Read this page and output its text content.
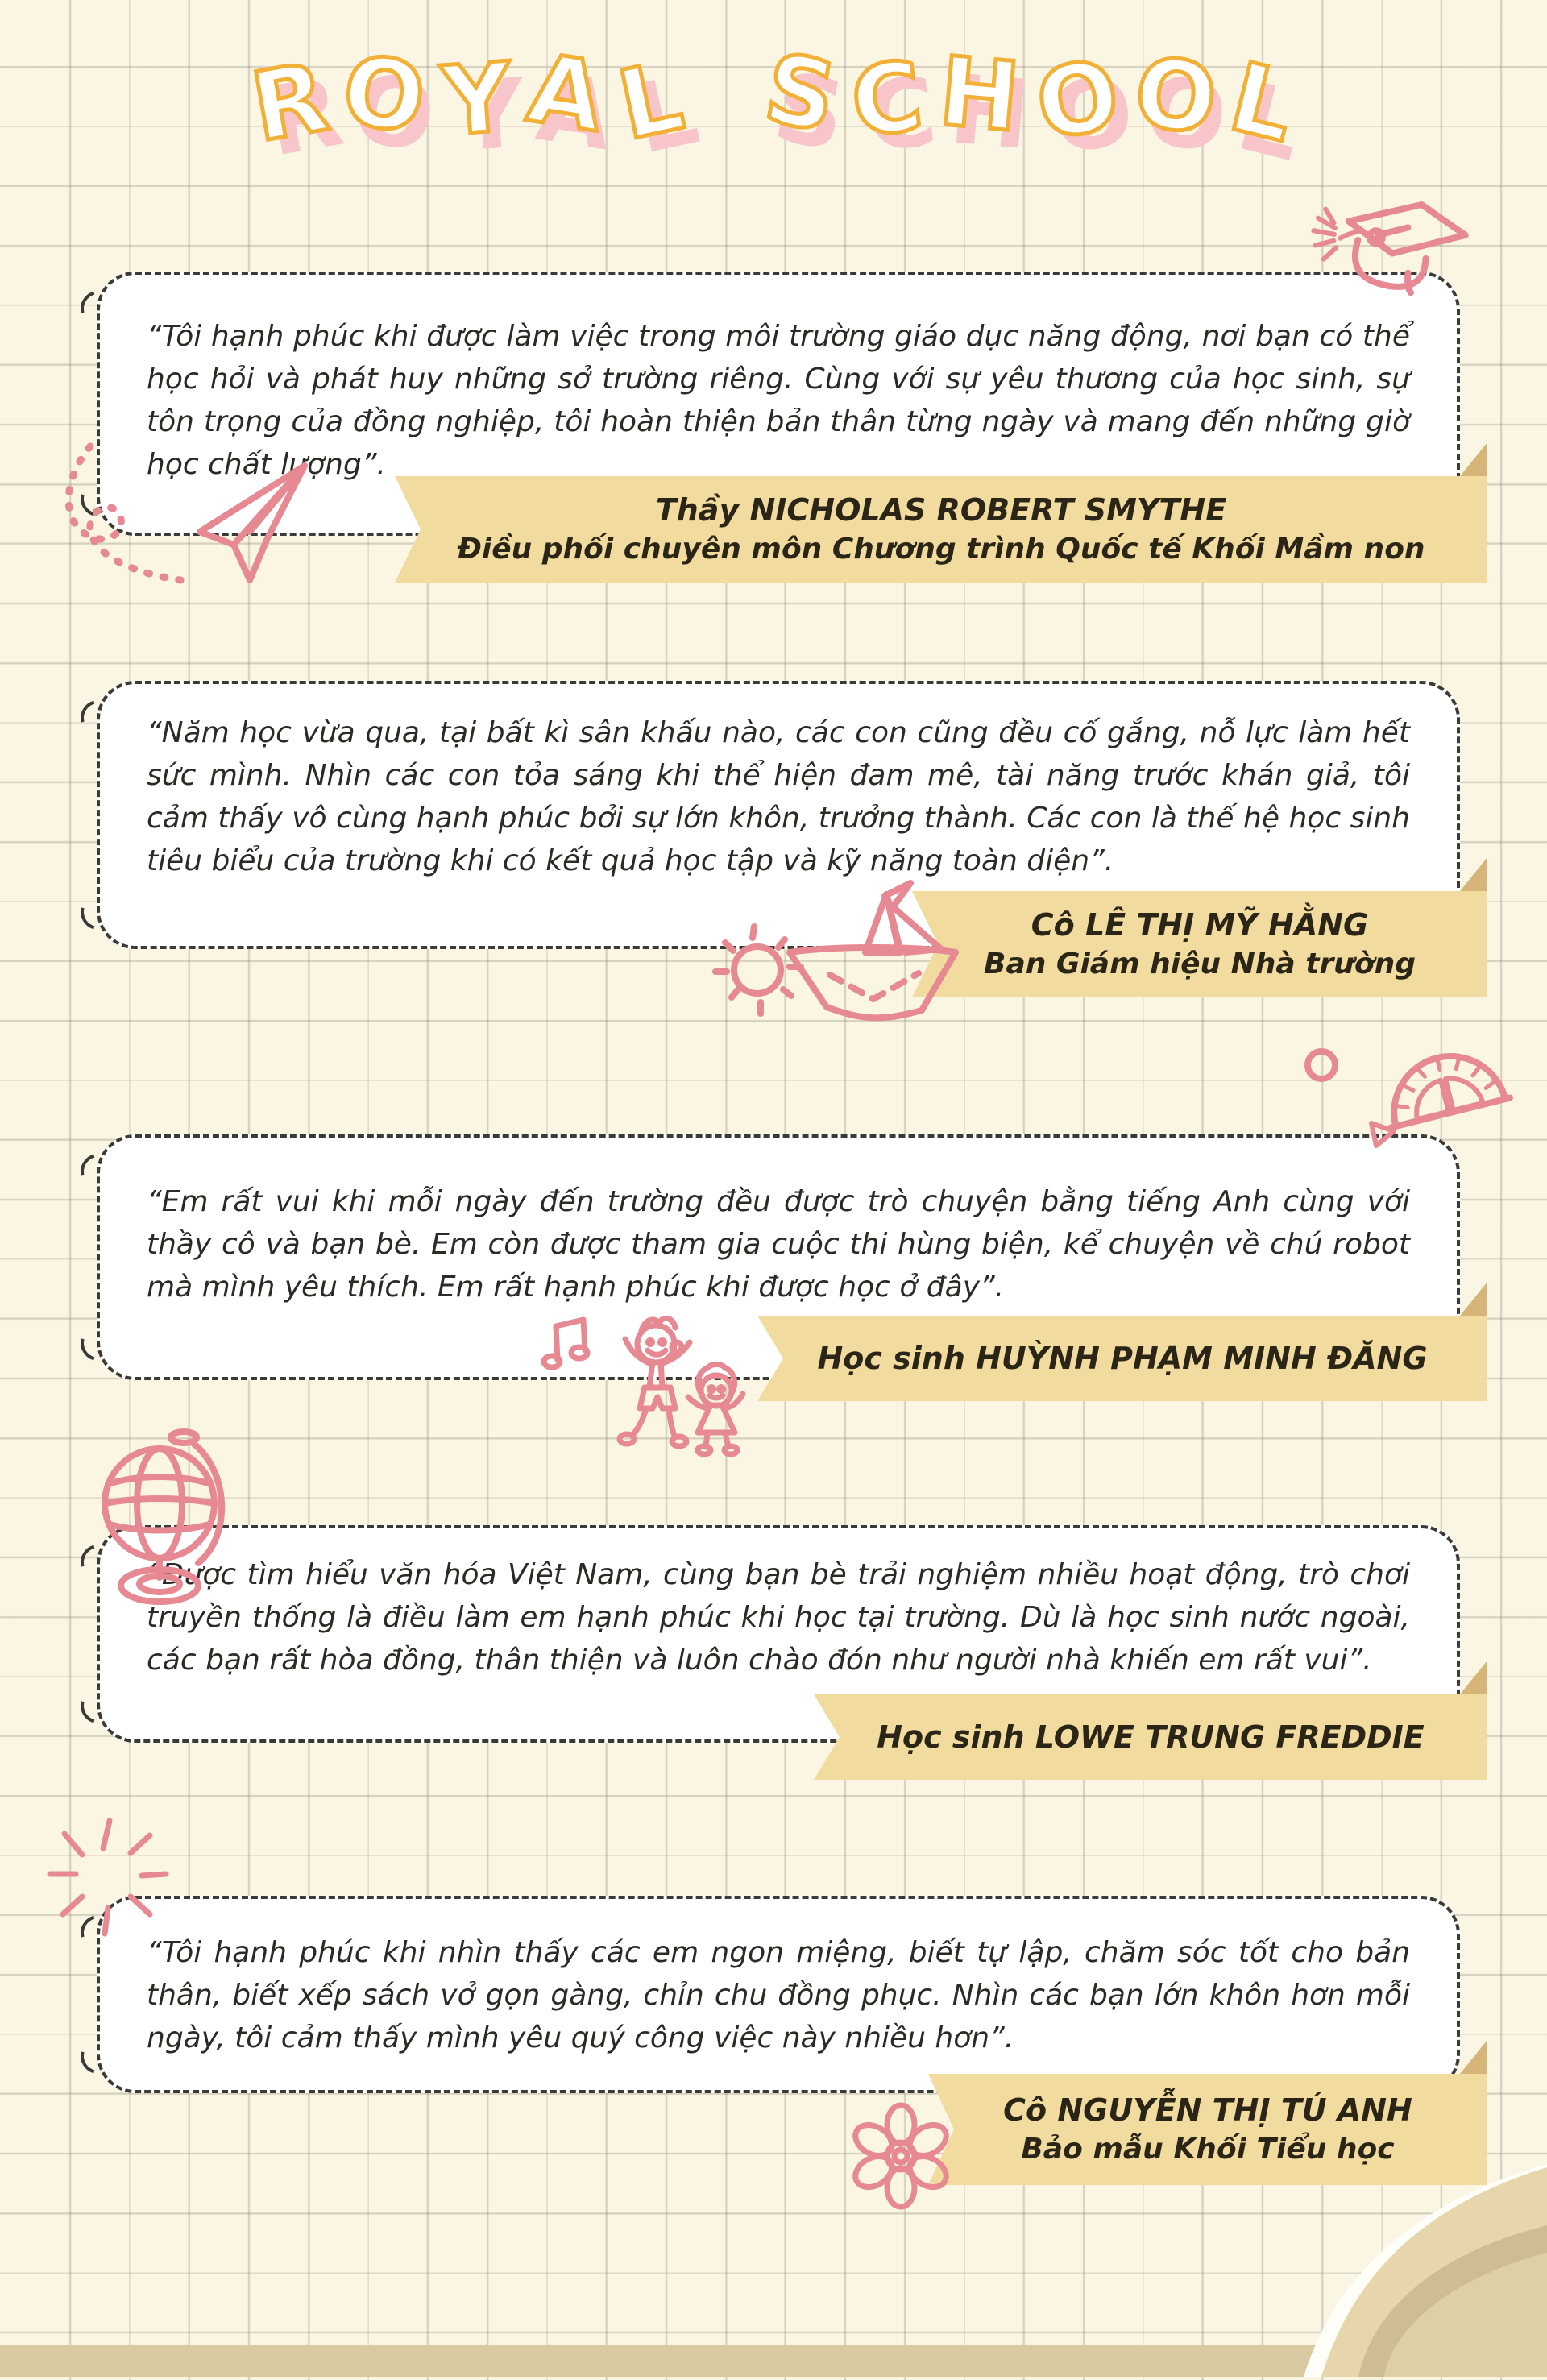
ROYAL SCHOOL
“Tôi hạnh phúc khi được làm việc trong môi trường giáo dục năng động, nơi bạn có thể học hỏi và phát huy những sở trường riêng. Cùng với sự yêu thương của học sinh, sự tôn trọng của đồng nghiệp, tôi hoàn thiện bản thân từng ngày và mang đến những giờ học chất lượng”.
Thầy NICHOLAS ROBERT SMYTHE
Điều phối chuyên môn Chương trình Quốc tế Khối Mầm non
“Năm học vừa qua, tại bất kì sân khấu nào, các con cũng đều cố gắng, nỗ lực làm hết sức mình. Nhìn các con tỏa sáng khi thể hiện đam mê, tài năng trước khán giả, tôi cảm thấy vô cùng hạnh phúc bởi sự lớn khôn, trưởng thành. Các con là thế hệ học sinh tiêu biểu của trường khi có kết quả học tập và kỹ năng toàn diện”.
Cô LÊ THỊ MỸ HẰNG
Ban Giám hiệu Nhà trường
“Em rất vui khi mỗi ngày đến trường đều được trò chuyện bằng tiếng Anh cùng với thầy cô và bạn bè. Em còn được tham gia cuộc thi hùng biện, kể chuyện về chú robot mà mình yêu thích. Em rất hạnh phúc khi được học ở đây”.
Học sinh HUỲNH PHẠM MINH ĐĂNG
“Được tìm hiểu văn hóa Việt Nam, cùng bạn bè trải nghiệm nhiều hoạt động, trò chơi truyền thống là điều làm em hạnh phúc khi học tại trường. Dù là học sinh nước ngoài, các bạn rất hòa đồng, thân thiện và luôn chào đón như người nhà khiến em rất vui”.
Học sinh LOWE TRUNG FREDDIE
“Tôi hạnh phúc khi nhìn thấy các em ngon miệng, biết tự lập, chăm sóc tốt cho bản thân, biết xếp sách vở gọn gàng, chỉn chu đồng phục. Nhìn các bạn lớn khôn hơn mỗi ngày, tôi cảm thấy mình yêu quý công việc này nhiều hơn”.
Cô NGUYỄN THỊ TÚ ANH
Bảo mẫu Khối Tiểu học
